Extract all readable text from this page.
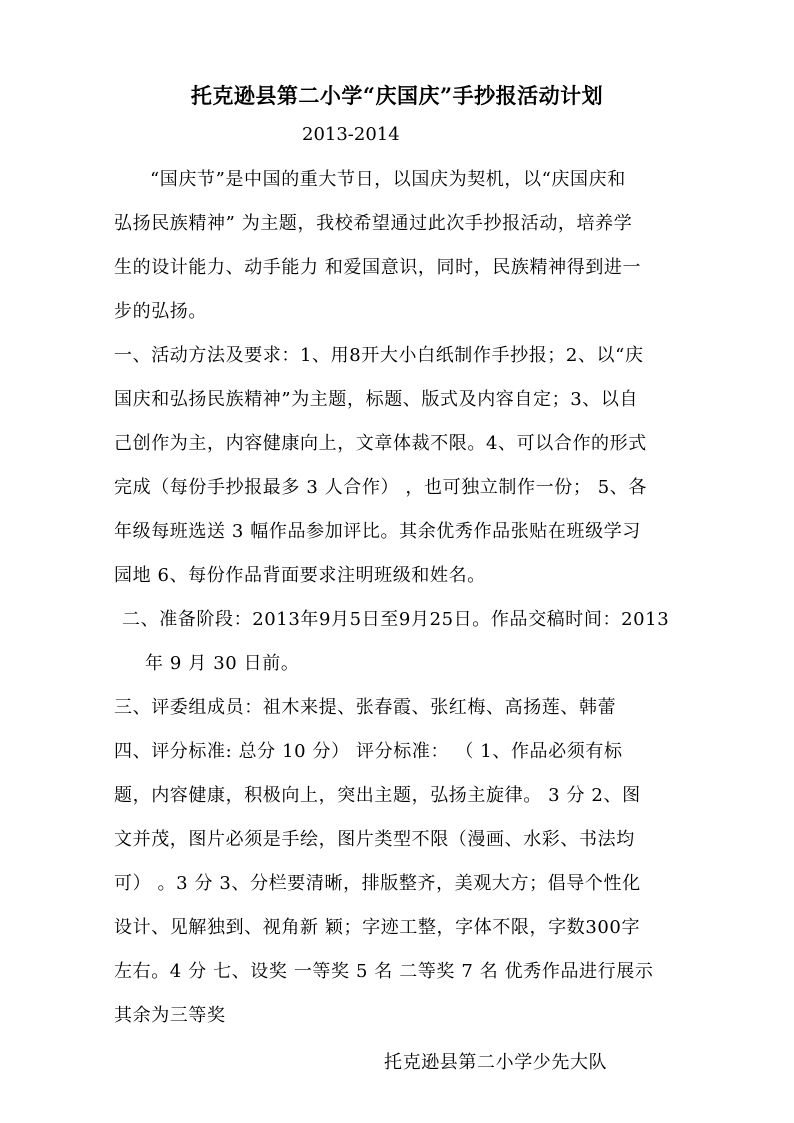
托克逊县第二小学“庆国庆”手抄报活动计划
2013-2014
“国庆节”是中国的重大节日，以国庆为契机，以“庆国庆和
弘扬民族精神” 为主题，我校希望通过此次手抄报活动，培养学
生的设计能力、动手能力 和爱国意识，同时，民族精神得到进一
步的弘扬。
一、活动方法及要求：1、用8开大小白纸制作手抄报；2、以“庆
国庆和弘扬民族精神”为主题，标题、版式及内容自定；3、以自
己创作为主，内容健康向上，文章体裁不限。4、可以合作的形式
完成（每份手抄报最多 3 人合作） ，也可独立制作一份； 5、各
年级每班选送 3 幅作品参加评比。其余优秀作品张贴在班级学习
园地 6、每份作品背面要求注明班级和姓名。
二、准备阶段：2013年9月5日至9月25日。作品交稿时间：2013
年 9 月 30 日前。
三、评委组成员：祖木来提、张春霞、张红梅、高扬莲、韩蕾
四、评分标准: 总分 10 分） 评分标准： （ 1、作品必须有标
题，内容健康，积极向上，突出主题，弘扬主旋律。 3 分 2、图
文并茂，图片必须是手绘，图片类型不限（漫画、水彩、书法均
可） 。3 分 3、分栏要清晰，排版整齐，美观大方；倡导个性化
设计、见解独到、视角新 颖；字迹工整，字体不限，字数300字
左右。4 分 七、设奖 一等奖 5 名 二等奖 7 名 优秀作品进行展示
其余为三等奖
托克逊县第二小学少先大队
